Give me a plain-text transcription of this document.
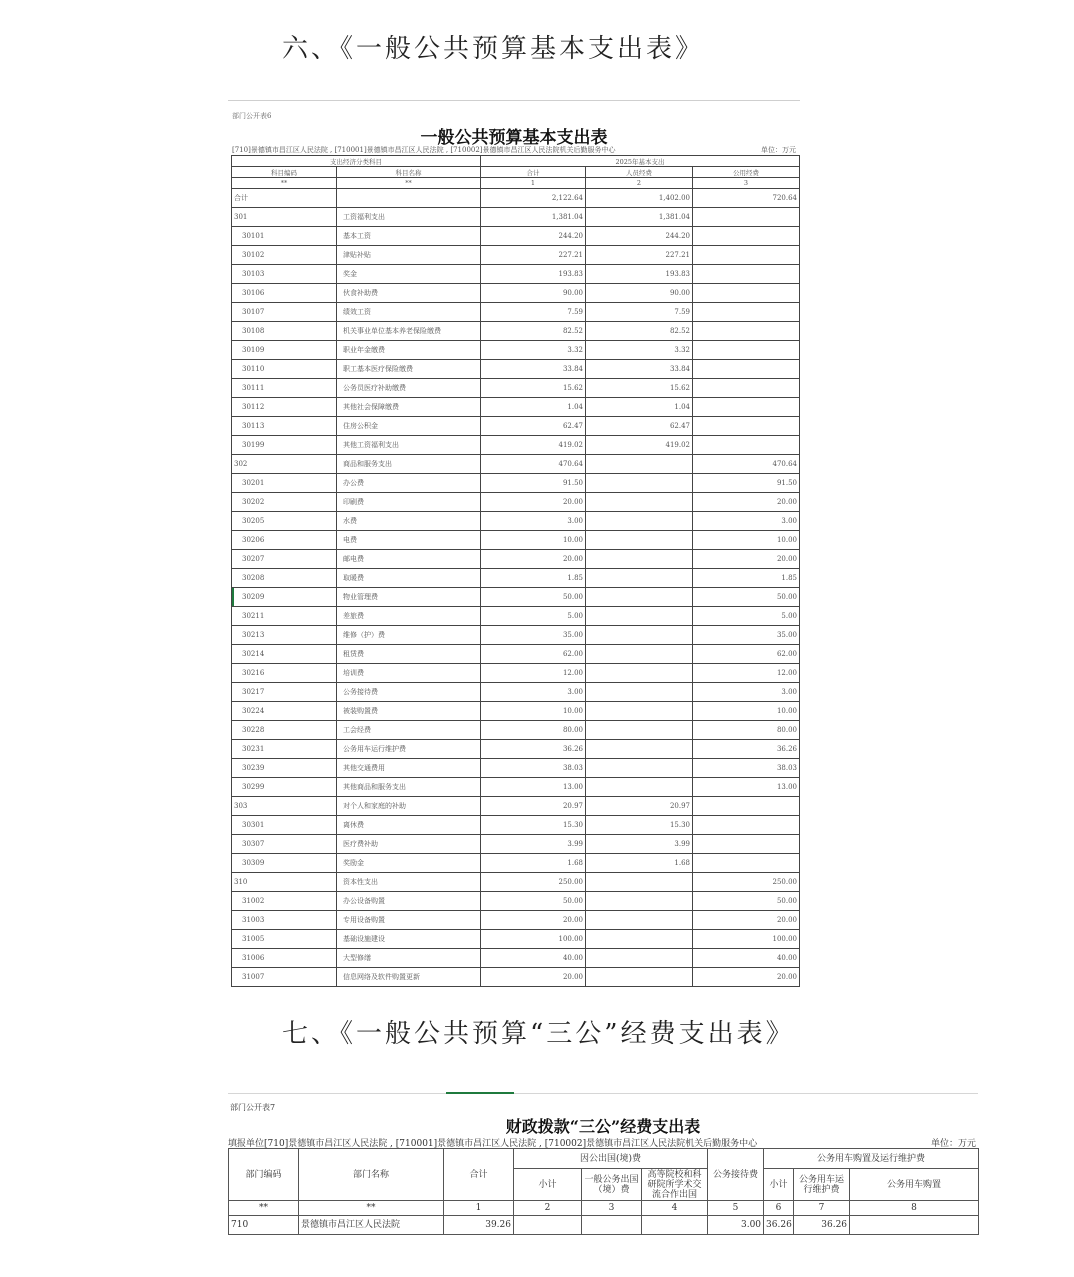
六、《一般公共预算基本支出表》
部门公开表6
一般公共预算基本支出表
[710]景德镇市昌江区人民法院 , [710001]景德镇市昌江区人民法院 , [710002]景德镇市昌江区人民法院机关后勤服务中心	单位：万元
支出经济分类科目		2025年基本支出		
科目编码	科目名称	合计	人员经费	公用经费
**	**	1	2	3
合计		2,122.64	1,402.00	720.64
301	工资福利支出	1,381.04	1,381.04	
30101	基本工资	244.20	244.20	
30102	津贴补贴	227.21	227.21	
30103	奖金	193.83	193.83	
30106	伙食补助费	90.00	90.00	
30107	绩效工资	7.59	7.59	
30108	机关事业单位基本养老保险缴费	82.52	82.52	
30109	职业年金缴费	3.32	3.32	
30110	职工基本医疗保险缴费	33.84	33.84	
30111	公务员医疗补助缴费	15.62	15.62	
30112	其他社会保障缴费	1.04	1.04	
30113	住房公积金	62.47	62.47	
30199	其他工资福利支出	419.02	419.02	
302	商品和服务支出	470.64		470.64
30201	办公费	91.50		91.50
30202	印刷费	20.00		20.00
30205	水费	3.00		3.00
30206	电费	10.00		10.00
30207	邮电费	20.00		20.00
30208	取暖费	1.85		1.85
30209	物业管理费	50.00		50.00
30211	差旅费	5.00		5.00
30213	维修（护）费	35.00		35.00
30214	租赁费	62.00		62.00
30216	培训费	12.00		12.00
30217	公务接待费	3.00		3.00
30224	被装购置费	10.00		10.00
30228	工会经费	80.00		80.00
30231	公务用车运行维护费	36.26		36.26
30239	其他交通费用	38.03		38.03
30299	其他商品和服务支出	13.00		13.00
303	对个人和家庭的补助	20.97	20.97	
30301	离休费	15.30	15.30	
30307	医疗费补助	3.99	3.99	
30309	奖励金	1.68	1.68	
310	资本性支出	250.00		250.00
31002	办公设备购置	50.00		50.00
31003	专用设备购置	20.00		20.00
31005	基础设施建设	100.00		100.00
31006	大型修缮	40.00		40.00
31007	信息网络及软件购置更新	20.00		20.00
七、《一般公共预算“三公”经费支出表》
部门公开表7
财政拨款“三公”经费支出表
填报单位[710]景德镇市昌江区人民法院 , [710001]景德镇市昌江区人民法院 , [710002]景德镇市昌江区人民法院机关后勤服务中心	单位：万元
部门编码	部门名称	合计	因公出国(境)费			公务接待费	公务用车购置及运行维护费		
			小计	一般公务出国（境）费	高等院校和科研院所学术交流合作出国		小计	公务用车运行维护费	公务用车购置
**	**	1	2	3	4	5	6	7	8
710	景德镇市昌江区人民法院	39.26				3.00	36.26	36.26	
